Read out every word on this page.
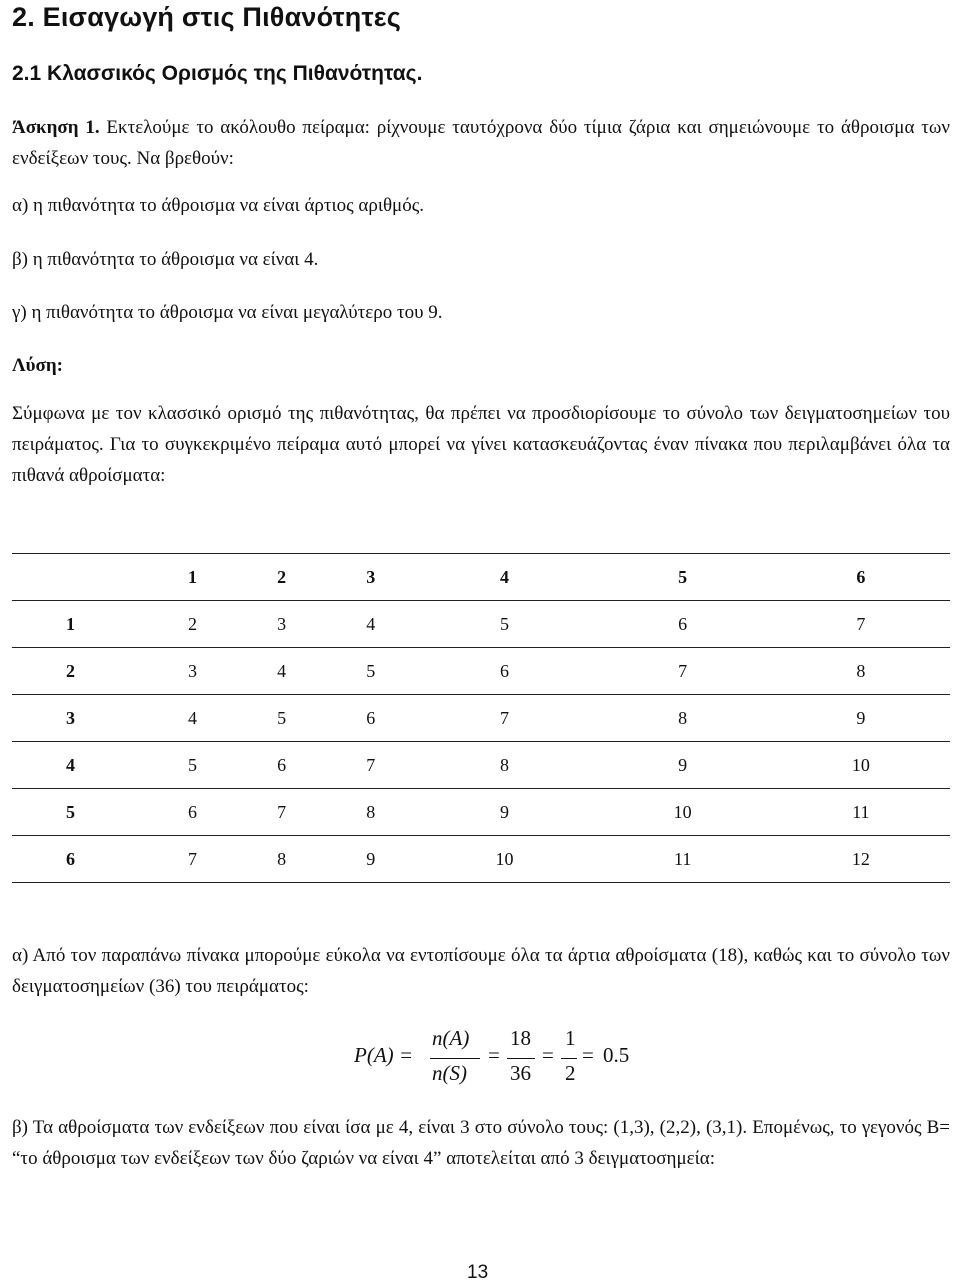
2. Εισαγωγή στις Πιθανότητες
2.1 Κλασσικός Ορισμός της Πιθανότητας.
Άσκηση 1. Εκτελούμε το ακόλουθο πείραμα: ρίχνουμε ταυτόχρονα δύο τίμια ζάρια και σημειώνουμε το άθροισμα των ενδείξεων τους. Να βρεθούν:
α) η πιθανότητα το άθροισμα να είναι άρτιος αριθμός.
β) η πιθανότητα το άθροισμα να είναι 4.
γ) η πιθανότητα το άθροισμα να είναι μεγαλύτερο του 9.
Λύση:
Σύμφωνα με τον κλασσικό ορισμό της πιθανότητας, θα πρέπει να προσδιορίσουμε το σύνολο των δειγματοσημείων του πειράματος. Για το συγκεκριμένο πείραμα αυτό μπορεί να γίνει κατασκευάζοντας έναν πίνακα που περιλαμβάνει όλα τα πιθανά αθροίσματα:
	1	2	3	4	5	6
1	2	3	4	5	6	7
2	3	4	5	6	7	8
3	4	5	6	7	8	9
4	5	6	7	8	9	10
5	6	7	8	9	10	11
6	7	8	9	10	11	12
α) Από τον παραπάνω πίνακα μπορούμε εύκολα να εντοπίσουμε όλα τα άρτια αθροίσματα (18), καθώς και το σύνολο των δειγματοσημείων (36) του πειράματος:
P(A) =
n(A)
n(S)
=
18
36
=
1
2
= 0.5
β) Τα αθροίσματα των ενδείξεων που είναι ίσα με 4, είναι 3 στο σύνολο τους: (1,3), (2,2), (3,1). Επομένως, το γεγονός Β= “το άθροισμα των ενδείξεων των δύο ζαριών να είναι 4” αποτελείται από 3 δειγματοσημεία:
13
